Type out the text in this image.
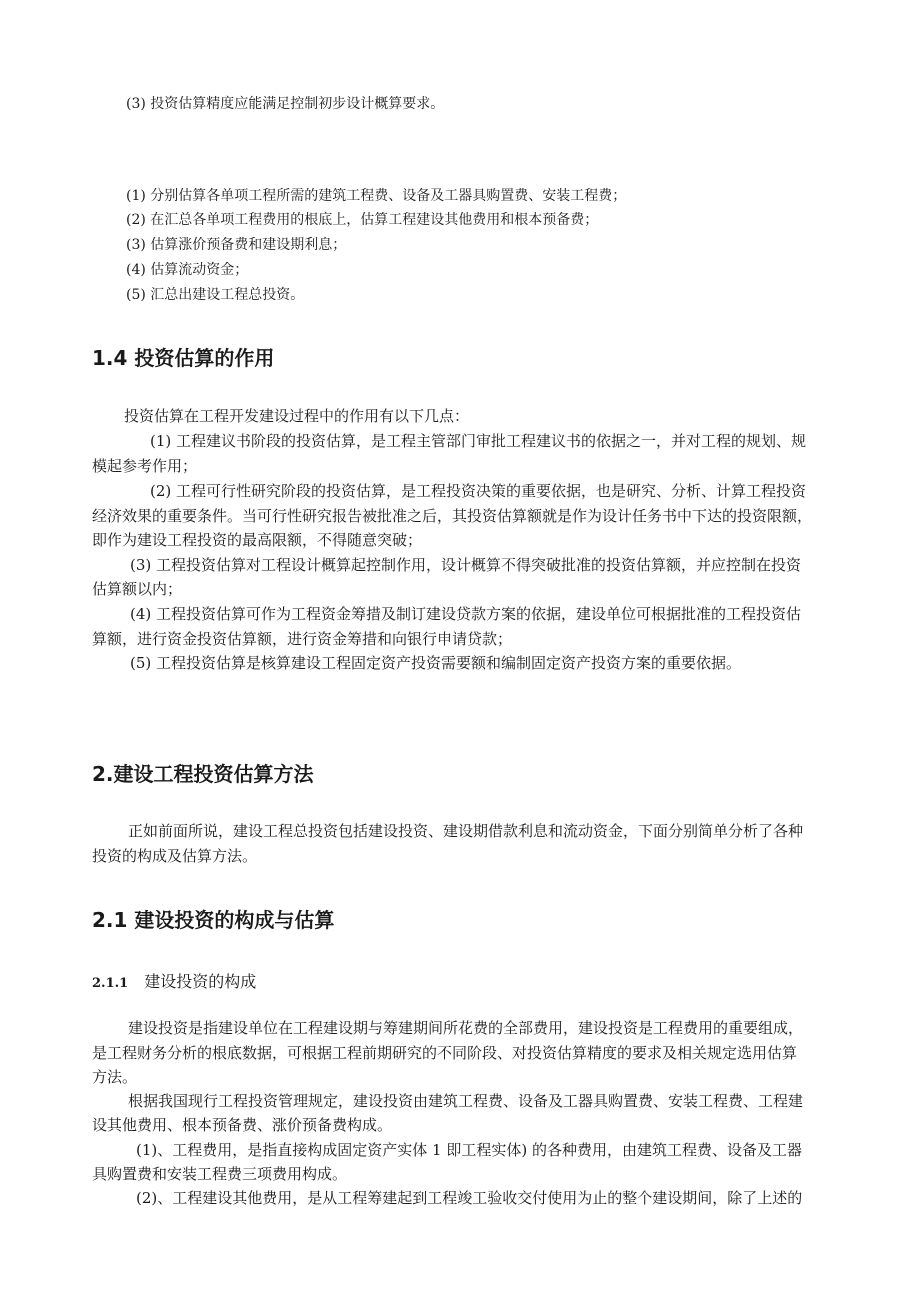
(3) 投资估算精度应能满足控制初步设计概算要求。
(1) 分别估算各单项工程所需的建筑工程费、设备及工器具购置费、安装工程费；
(2) 在汇总各单项工程费用的根底上，估算工程建设其他费用和根本预备费；
(3) 估算涨价预备费和建设期利息；
(4) 估算流动资金；
(5) 汇总出建设工程总投资。
1.4 投资估算的作用
投资估算在工程开发建设过程中的作用有以下几点：
(1) 工程建议书阶段的投资估算，是工程主管部门审批工程建议书的依据之一，并对工程的规划、规
模起参考作用；
(2) 工程可行性研究阶段的投资估算，是工程投资决策的重要依据，也是研究、分析、计算工程投资
经济效果的重要条件。当可行性研究报告被批准之后，其投资估算额就是作为设计任务书中下达的投资限额，
即作为建设工程投资的最高限额，不得随意突破；
(3) 工程投资估算对工程设计概算起控制作用，设计概算不得突破批准的投资估算额，并应控制在投资
估算额以内；
(4) 工程投资估算可作为工程资金筹措及制订建设贷款方案的依据，建设单位可根据批准的工程投资估
算额，进行资金投资估算额，进行资金筹措和向银行申请贷款；
(5) 工程投资估算是核算建设工程固定资产投资需要额和编制固定资产投资方案的重要依据。
2.建设工程投资估算方法
正如前面所说，建设工程总投资包括建设投资、建设期借款利息和流动资金，下面分别简单分析了各种
投资的构成及估算方法。
2.1 建设投资的构成与估算
2.1.1 建设投资的构成
建设投资是指建设单位在工程建设期与筹建期间所花费的全部费用，建设投资是工程费用的重要组成，
是工程财务分析的根底数据，可根据工程前期研究的不同阶段、对投资估算精度的要求及相关规定选用估算
方法。
根据我国现行工程投资管理规定，建设投资由建筑工程费、设备及工器具购置费、安装工程费、工程建
设其他费用、根本预备费、涨价预备费构成。
(1)、工程费用，是指直接构成固定资产实体 1 即工程实体) 的各种费用，由建筑工程费、设备及工器
具购置费和安装工程费三项费用构成。
(2)、工程建设其他费用，是从工程筹建起到工程竣工验收交付使用为止的整个建设期间，除了上述的
